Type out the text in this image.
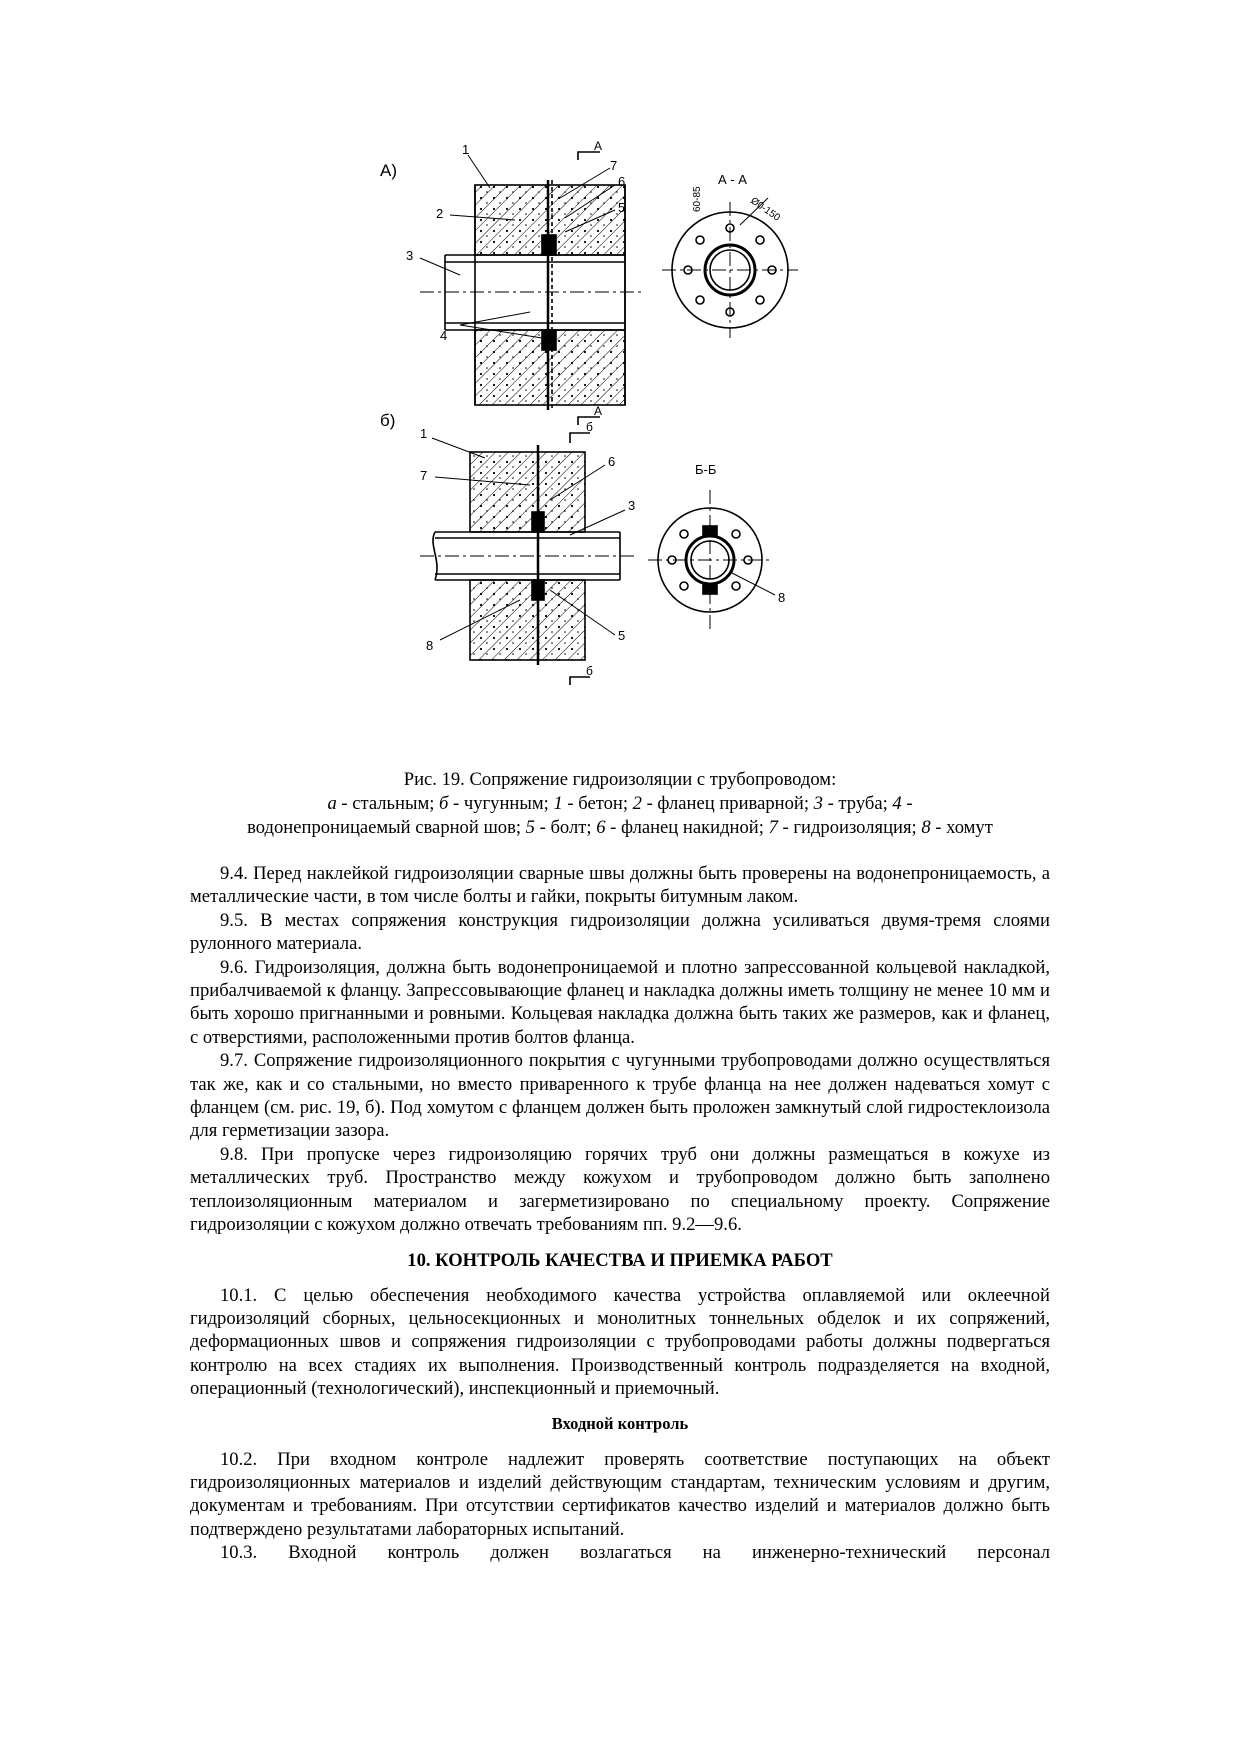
А)
А
А
1
2
3
4
5
6
7
А - А
60-85	Ø0-150
б)	б
б
1
7
6
3
8
5
Б-Б
8
Рис. 19. Сопряжение гидроизоляции с трубопроводом:
а - стальным; б - чугунным; 1 - бетон; 2 - фланец приварной; 3 - труба; 4 -
водонепроницаемый сварной шов; 5 - болт; 6 - фланец накидной; 7 - гидроизоляция; 8 - хомут

9.4. Перед наклейкой гидроизоляции сварные швы должны быть проверены на водонепроницаемость, а металлические части, в том числе болты и гайки, покрыты битумным лаком.

9.5. В местах сопряжения конструкция гидроизоляции должна усиливаться двумя-тремя слоями рулонного материала.

9.6. Гидроизоляция, должна быть водонепроницаемой и плотно запрессованной кольцевой накладкой, прибалчиваемой к фланцу. Запрессовывающие фланец и накладка должны иметь толщину не менее 10 мм и быть хорошо пригнанными и ровными. Кольцевая накладка должна быть таких же размеров, как и фланец, с отверстиями, расположенными против болтов фланца.

9.7. Сопряжение гидроизоляционного покрытия с чугунными трубопроводами должно осуществляться так же, как и со стальными, но вместо приваренного к трубе фланца на нее должен надеваться хомут с фланцем (см. рис. 19, б). Под хомутом с фланцем должен быть проложен замкнутый слой гидростеклоизола для герметизации зазора.

9.8. При пропуске через гидроизоляцию горячих труб они должны размещаться в кожухе из металлических труб. Пространство между кожухом и трубопроводом должно быть заполнено теплоизоляционным материалом и загерметизировано по специальному проекту. Сопряжение гидроизоляции с кожухом должно отвечать требованиям пп. 9.2—9.6.

10. КОНТРОЛЬ КАЧЕСТВА И ПРИЕМКА РАБОТ

10.1. С целью обеспечения необходимого качества устройства оплавляемой или оклеечной гидроизоляций сборных, цельносекционных и монолитных тоннельных обделок и их сопряжений, деформационных швов и сопряжения гидроизоляции с трубопроводами работы должны подвергаться контролю на всех стадиях их выполнения. Производственный контроль подразделяется на входной, операционный (технологический), инспекционный и приемочный.

Входной контроль

10.2. При входном контроле надлежит проверять соответствие поступающих на объект гидроизоляционных материалов и изделий действующим стандартам, техническим условиям и другим, документам и требованиям. При отсутствии сертификатов качество изделий и материалов должно быть подтверждено результатами лабораторных испытаний.

10.3. Входной контроль должен возлагаться на инженерно-технический персонал
